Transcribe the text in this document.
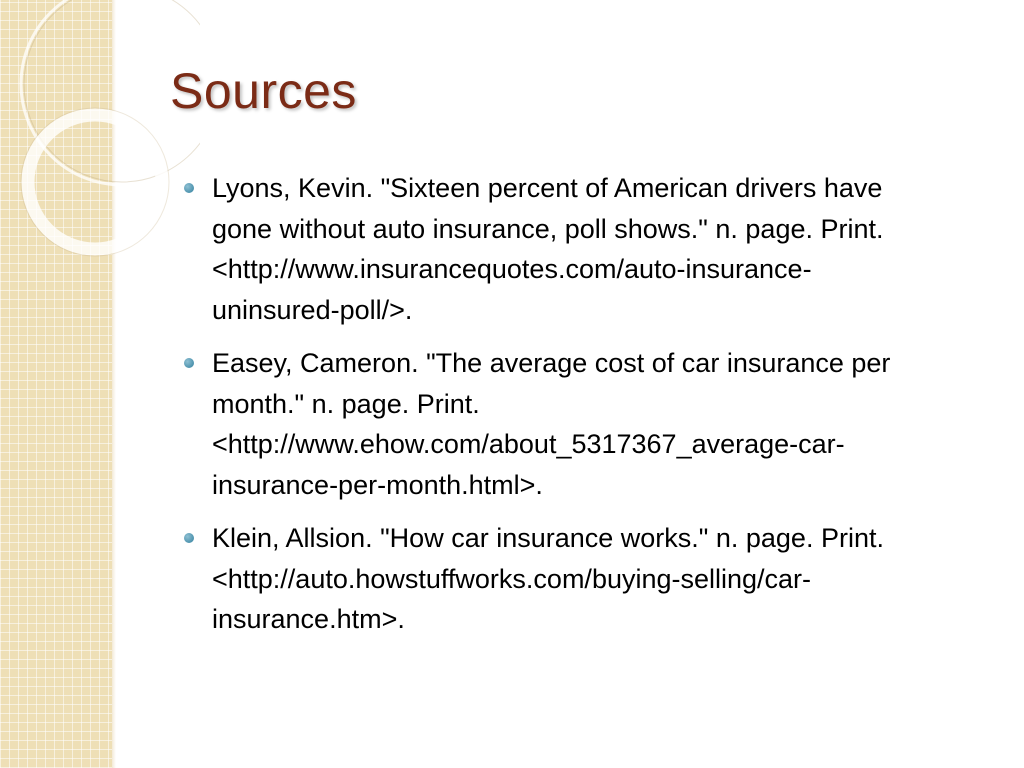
Sources
Lyons, Kevin. "Sixteen percent of American drivers have
gone without auto insurance, poll shows." n. page. Print.
<http://www.insurancequotes.com/auto-insurance-
uninsured-poll/>.
Easey, Cameron. "The average cost of car insurance per
month." n. page. Print.
<http://www.ehow.com/about_5317367_average-car-
insurance-per-month.html>.
Klein, Allsion. "How car insurance works." n. page. Print.
<http://auto.howstuffworks.com/buying-selling/car-
insurance.htm>.
